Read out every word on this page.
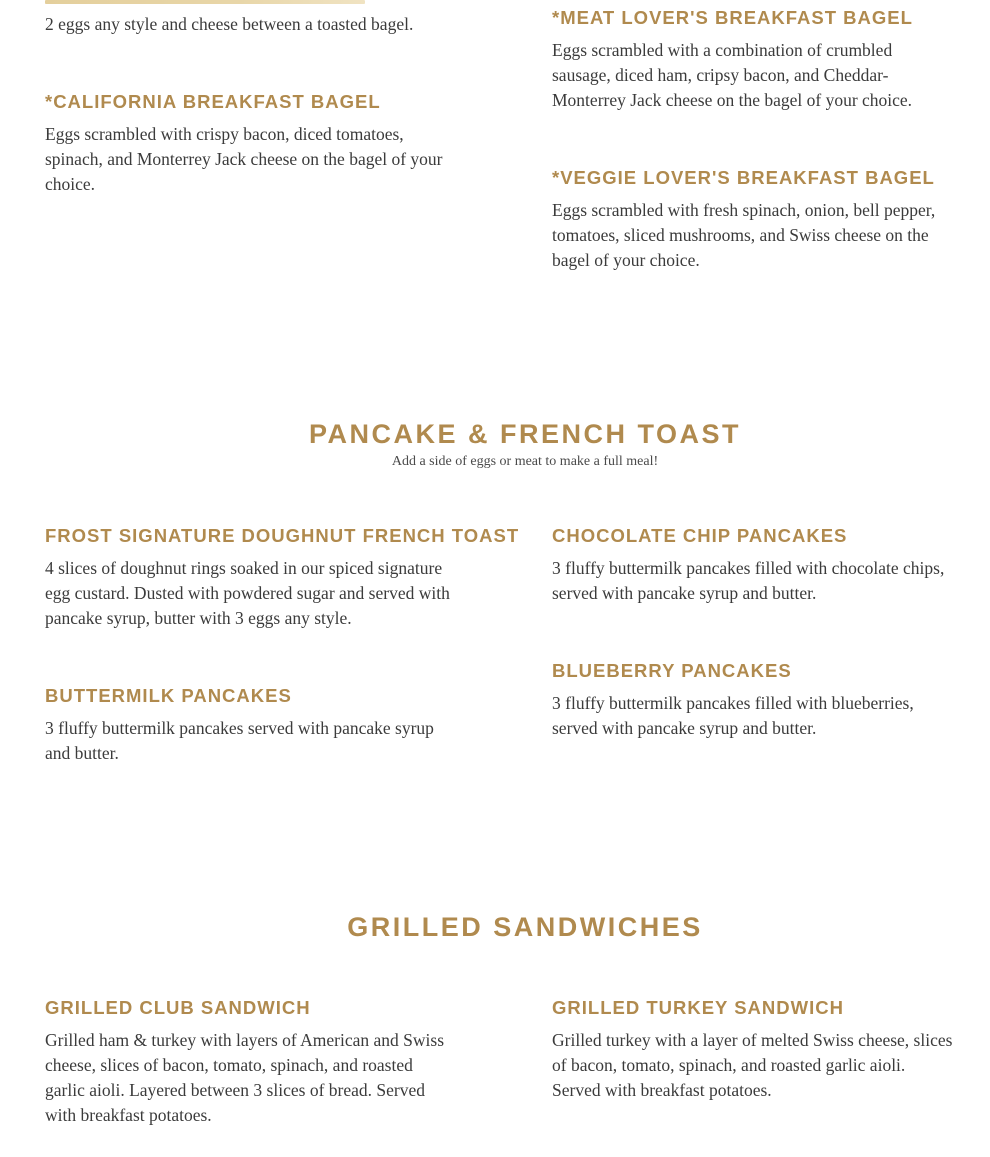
2 eggs any style and cheese between a toasted bagel.

*CALIFORNIA BREAKFAST BAGEL

Eggs scrambled with crispy bacon, diced tomatoes, spinach, and Monterrey Jack cheese on the bagel of your choice.

*MEAT LOVER'S BREAKFAST BAGEL

Eggs scrambled with a combination of crumbled sausage, diced ham, cripsy bacon, and Cheddar-Monterrey Jack cheese on the bagel of your choice.

*VEGGIE LOVER'S BREAKFAST BAGEL

Eggs scrambled with fresh spinach, onion, bell pepper, tomatoes, sliced mushrooms, and Swiss cheese on the bagel of your choice.

PANCAKE & FRENCH TOAST

Add a side of eggs or meat to make a full meal!

FROST SIGNATURE DOUGHNUT FRENCH TOAST

4 slices of doughnut rings soaked in our spiced signature egg custard. Dusted with powdered sugar and served with pancake syrup, butter with 3 eggs any style.

CHOCOLATE CHIP PANCAKES

3 fluffy buttermilk pancakes filled with chocolate chips, served with pancake syrup and butter.

BUTTERMILK PANCAKES

3 fluffy buttermilk pancakes served with pancake syrup and butter.

BLUEBERRY PANCAKES

3 fluffy buttermilk pancakes filled with blueberries, served with pancake syrup and butter.

GRILLED SANDWICHES
GRILLED CLUB SANDWICH

Grilled ham & turkey with layers of American and Swiss cheese, slices of bacon, tomato, spinach, and roasted garlic aioli. Layered between 3 slices of bread. Served with breakfast potatoes.

GRILLED TURKEY SANDWICH

Grilled turkey with a layer of melted Swiss cheese, slices of bacon, tomato, spinach, and roasted garlic aioli. Served with breakfast potatoes.
